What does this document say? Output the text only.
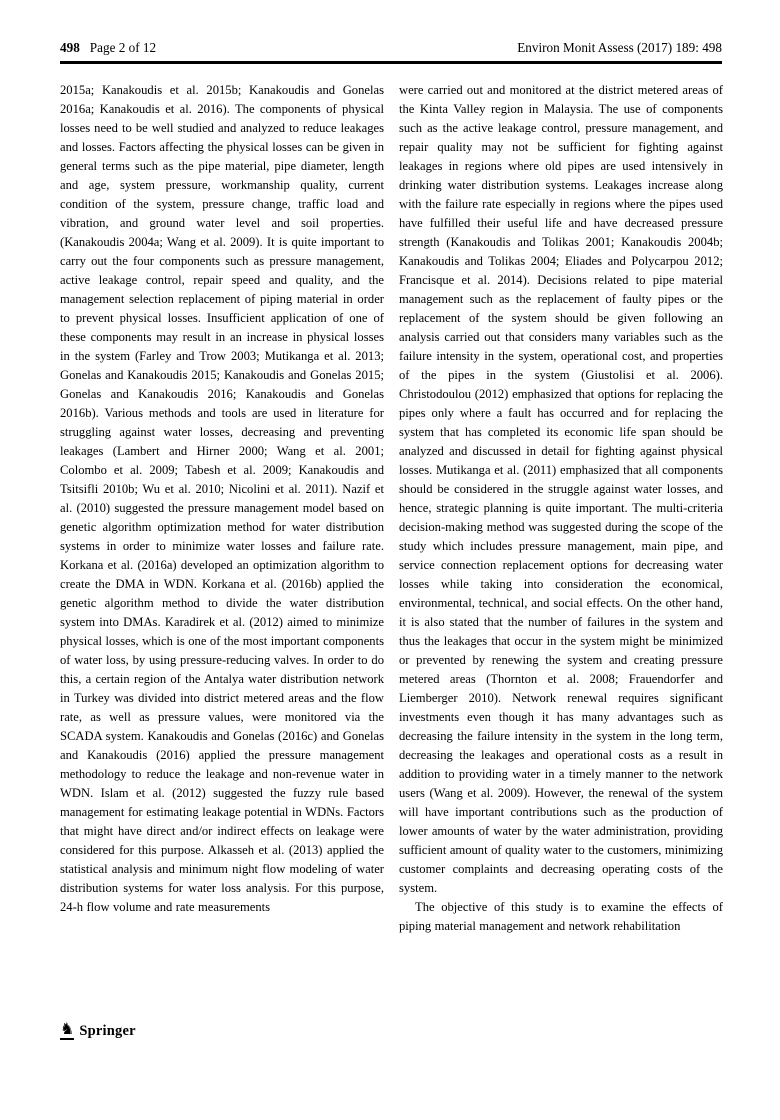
498 Page 2 of 12	Environ Monit Assess (2017) 189: 498

2015a; Kanakoudis et al. 2015b; Kanakoudis and Gonelas 2016a; Kanakoudis et al. 2016). The components of physical losses need to be well studied and analyzed to reduce leakages and losses. Factors affecting the physical losses can be given in general terms such as the pipe material, pipe diameter, length and age, system pressure, workmanship quality, current condition of the system, pressure change, traffic load and vibration, and ground water level and soil properties. (Kanakoudis 2004a; Wang et al. 2009). It is quite important to carry out the four components such as pressure management, active leakage control, repair speed and quality, and the management selection replacement of piping material in order to prevent physical losses. Insufficient application of one of these components may result in an increase in physical losses in the system (Farley and Trow 2003; Mutikanga et al. 2013; Gonelas and Kanakoudis 2015; Kanakoudis and Gonelas 2015; Gonelas and Kanakoudis 2016; Kanakoudis and Gonelas 2016b). Various methods and tools are used in literature for struggling against water losses, decreasing and preventing leakages (Lambert and Hirner 2000; Wang et al. 2001; Colombo et al. 2009; Tabesh et al. 2009; Kanakoudis and Tsitsifli 2010b; Wu et al. 2010; Nicolini et al. 2011). Nazif et al. (2010) suggested the pressure management model based on genetic algorithm optimization method for water distribution systems in order to minimize water losses and failure rate. Korkana et al. (2016a) developed an optimization algorithm to create the DMA in WDN. Korkana et al. (2016b) applied the genetic algorithm method to divide the water distribution system into DMAs. Karadirek et al. (2012) aimed to minimize physical losses, which is one of the most important components of water loss, by using pressure-reducing valves. In order to do this, a certain region of the Antalya water distribution network in Turkey was divided into district metered areas and the flow rate, as well as pressure values, were monitored via the SCADA system. Kanakoudis and Gonelas (2016c) and Gonelas and Kanakoudis (2016) applied the pressure management methodology to reduce the leakage and non-revenue water in WDN. Islam et al. (2012) suggested the fuzzy rule based management for estimating leakage potential in WDNs. Factors that might have direct and/or indirect effects on leakage were considered for this purpose. Alkasseh et al. (2013) applied the statistical analysis and minimum night flow modeling of water distribution systems for water loss analysis. For this purpose, 24-h flow volume and rate measurements

were carried out and monitored at the district metered areas of the Kinta Valley region in Malaysia. The use of components such as the active leakage control, pressure management, and repair quality may not be sufficient for fighting against leakages in regions where old pipes are used intensively in drinking water distribution systems. Leakages increase along with the failure rate especially in regions where the pipes used have fulfilled their useful life and have decreased pressure strength (Kanakoudis and Tolikas 2001; Kanakoudis 2004b; Kanakoudis and Tolikas 2004; Eliades and Polycarpou 2012; Francisque et al. 2014). Decisions related to pipe material management such as the replacement of faulty pipes or the replacement of the system should be given following an analysis carried out that considers many variables such as the failure intensity in the system, operational cost, and properties of the pipes in the system (Giustolisi et al. 2006). Christodoulou (2012) emphasized that options for replacing the pipes only where a fault has occurred and for replacing the system that has completed its economic life span should be analyzed and discussed in detail for fighting against physical losses. Mutikanga et al. (2011) emphasized that all components should be considered in the struggle against water losses, and hence, strategic planning is quite important. The multi-criteria decision-making method was suggested during the scope of the study which includes pressure management, main pipe, and service connection replacement options for decreasing water losses while taking into consideration the economical, environmental, technical, and social effects. On the other hand, it is also stated that the number of failures in the system and thus the leakages that occur in the system might be minimized or prevented by renewing the system and creating pressure metered areas (Thornton et al. 2008; Frauendorfer and Liemberger 2010). Network renewal requires significant investments even though it has many advantages such as decreasing the failure intensity in the system in the long term, decreasing the leakages and operational costs as a result in addition to providing water in a timely manner to the network users (Wang et al. 2009). However, the renewal of the system will have important contributions such as the production of lower amounts of water by the water administration, providing sufficient amount of quality water to the customers, minimizing customer complaints and decreasing operating costs of the system.

The objective of this study is to examine the effects of piping material management and network rehabilitation

♞ Springer
